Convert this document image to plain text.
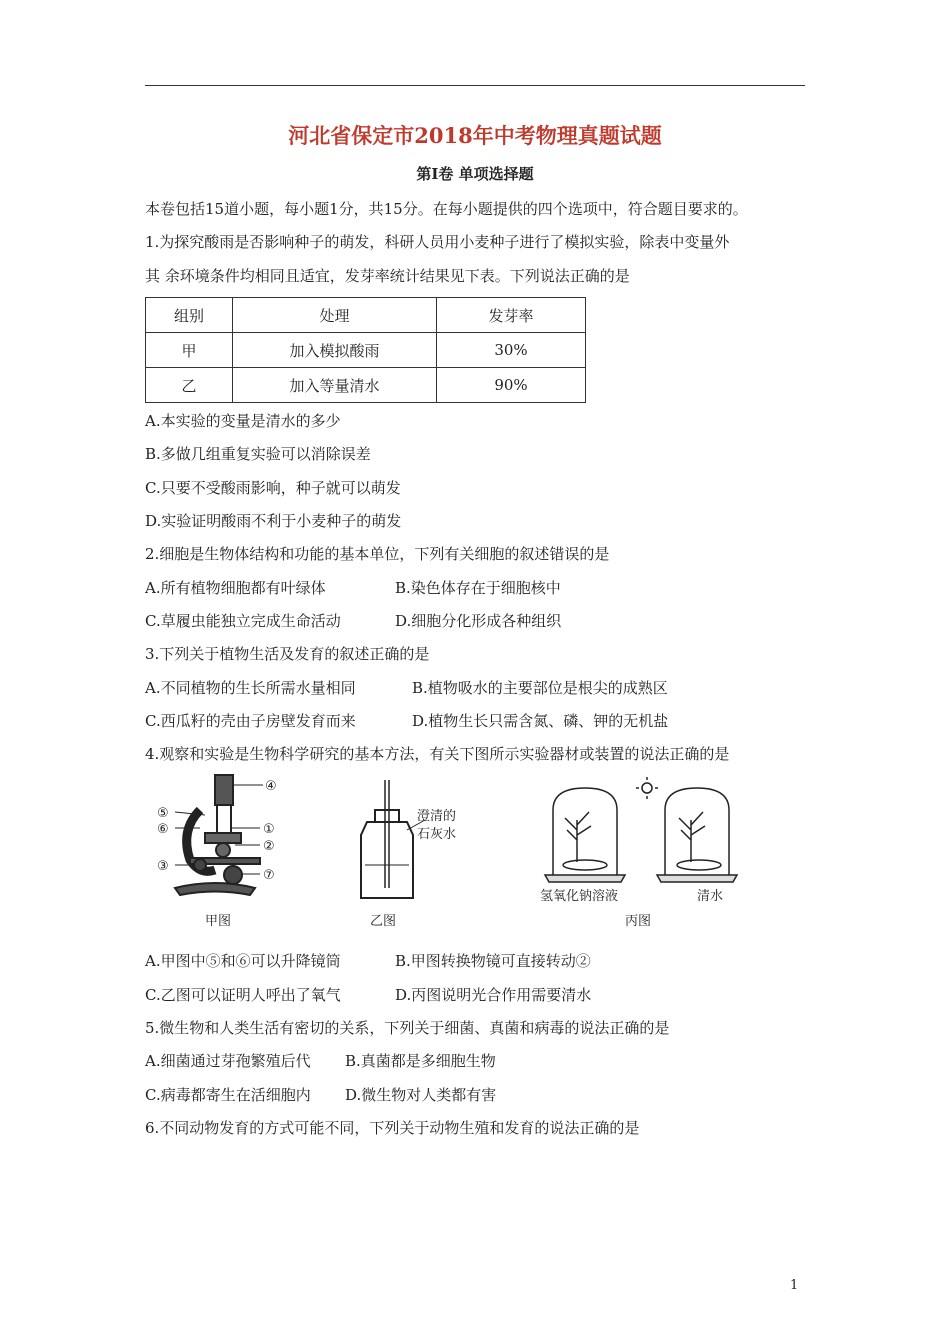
河北省保定市2018年中考物理真题试题
第Ⅰ卷 单项选择题
本卷包括15道小题，每小题1分，共15分。在每小题提供的四个选项中，符合题目要求的。
1.为探究酸雨是否影响种子的萌发，科研人员用小麦种子进行了模拟实验，除表中变量外
其 余环境条件均相同且适宜，发芽率统计结果见下表。下列说法正确的是
组别	处理	发芽率
甲	加入模拟酸雨	30%
乙	加入等量清水	90%
A.本实验的变量是清水的多少
B.多做几组重复实验可以消除误差
C.只要不受酸雨影响，种子就可以萌发
D.实验证明酸雨不利于小麦种子的萌发
2.细胞是生物体结构和功能的基本单位，下列有关细胞的叙述错误的是
A.所有植物细胞都有叶绿体	B.染色体存在于细胞核中
C.草履虫能独立完成生命活动	D.细胞分化形成各种组织
3.下列关于植物生活及发育的叙述正确的是
A.不同植物的生长所需水量相同	B.植物吸水的主要部位是根尖的成熟区
C.西瓜籽的壳由子房壁发育而来	D.植物生长只需含氮、磷、钾的无机盐
4.观察和实验是生物科学研究的基本方法，有关下图所示实验器材或装置的说法正确的是
④
⑤
⑥	①
②
③
⑦
甲图
澄清的
石灰水
乙图
氢氧化钠溶液	清水
丙图
A.甲图中⑤和⑥可以升降镜筒	B.甲图转换物镜可直接转动②
C.乙图可以证明人呼出了氧气	D.丙图说明光合作用需要清水
5.微生物和人类生活有密切的关系，下列关于细菌、真菌和病毒的说法正确的是
A.细菌通过芽孢繁殖后代 B.真菌都是多细胞生物
C.病毒都寄生在活细胞内 D.微生物对人类都有害
6.不同动物发育的方式可能不同，下列关于动物生殖和发育的说法正确的是
1
